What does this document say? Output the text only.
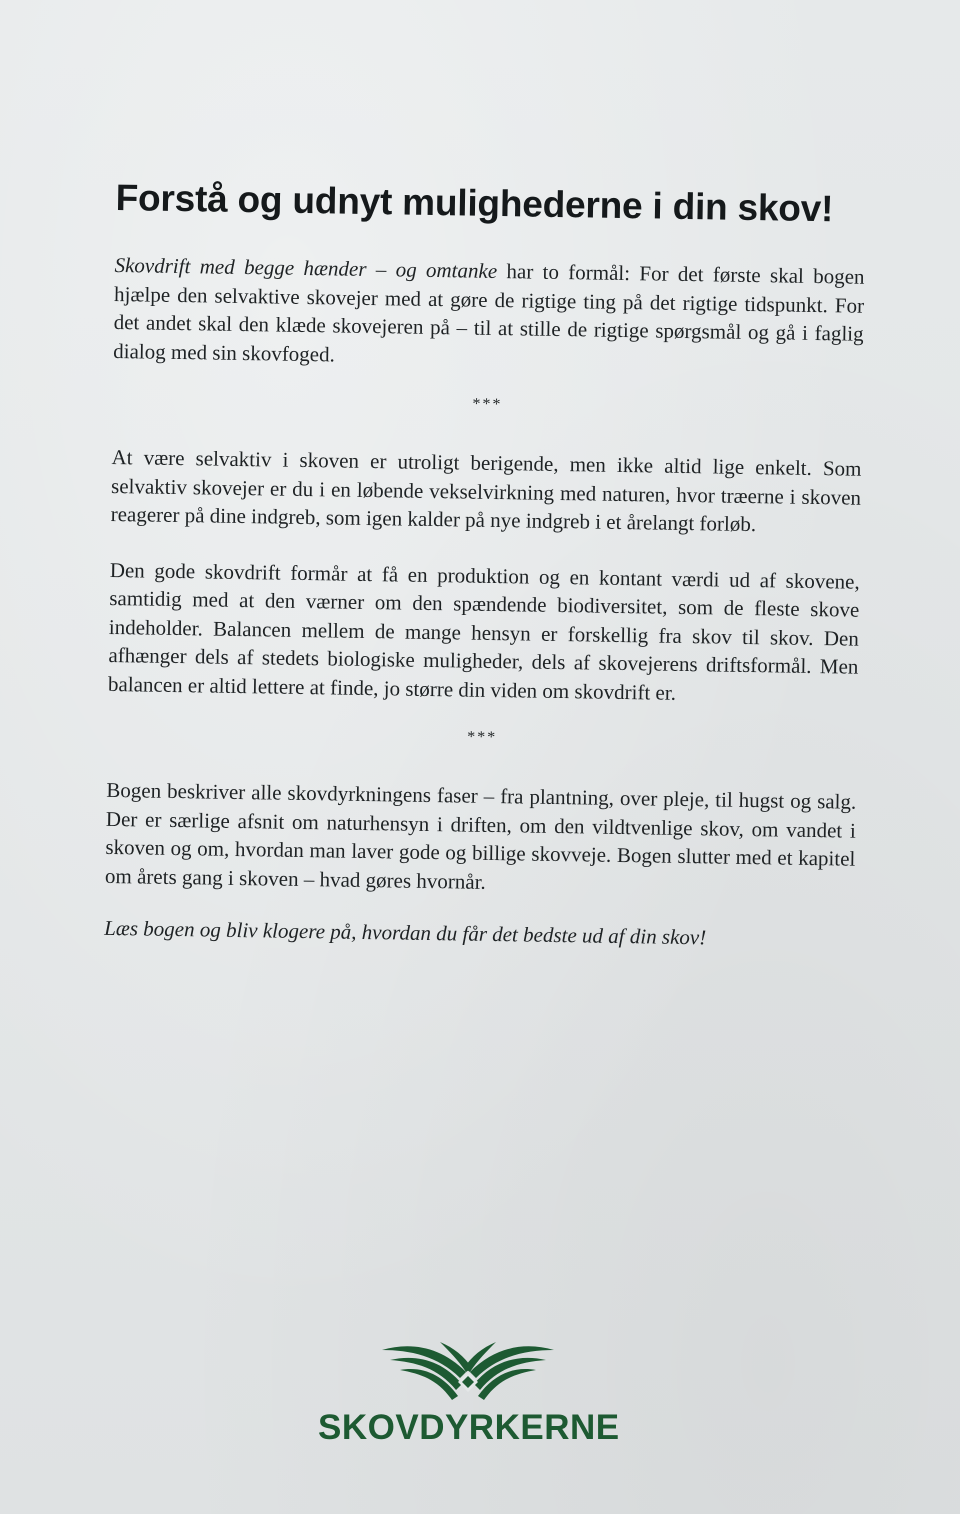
Forstå og udnyt mulighederne i din skov!

Skovdrift med begge hænder – og omtanke har to formål: For det første skal bogen hjælpe den selvaktive skovejer med at gøre de rigtige ting på det rigtige tidspunkt. For det andet skal den klæde skovejeren på – til at stille de rigtige spørgsmål og gå i faglig dialog med sin skovfoged.

***

At være selvaktiv i skoven er utroligt berigende, men ikke altid lige enkelt. Som selvaktiv skovejer er du i en løbende vekselvirkning med naturen, hvor træerne i skoven reagerer på dine indgreb, som igen kalder på nye indgreb i et årelangt forløb.

Den gode skovdrift formår at få en produktion og en kontant værdi ud af skovene, samtidig med at den værner om den spændende biodiversitet, som de fleste skove indeholder. Balancen mellem de mange hensyn er forskellig fra skov til skov. Den afhænger dels af stedets biologiske muligheder, dels af skovejerens driftsformål. Men balancen er altid lettere at finde, jo større din viden om skovdrift er.

***

Bogen beskriver alle skovdyrkningens faser – fra plantning, over pleje, til hugst og salg. Der er særlige afsnit om naturhensyn i driften, om den vildtvenlige skov, om vandet i skoven og om, hvordan man laver gode og billige skovveje. Bogen slutter med et kapitel om årets gang i skoven – hvad gøres hvornår.

Læs bogen og bliv klogere på, hvordan du får det bedste ud af din skov!

SKOVDYRKERNE
